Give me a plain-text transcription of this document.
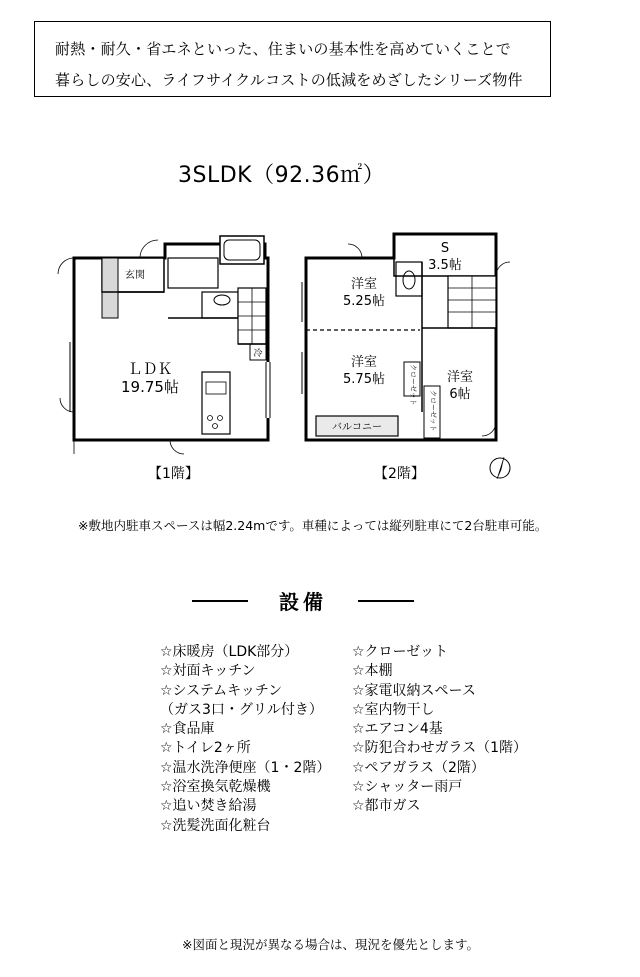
耐熱・耐久・省エネといった、住まいの基本性を高めていくことで
暮らしの安心、ライフサイクルコストの低減をめざしたシリーズ物件
3SLDK（92.36㎡）
玄関
冷
ＬＤＫ
19.75帖
S
3.5帖
洋室
5.25帖
洋室
5.75帖	洋室
6帖
クローゼット
クローゼット
バルコニー
【1階】	【2階】
※敷地内駐車スペースは幅2.24mです。車種によっては縦列駐車にて2台駐車可能。
設備
☆床暖房（LDK部分）
☆対面キッチン
☆システムキッチン
（ガス3口・グリル付き）
☆食品庫
☆トイレ2ヶ所
☆温水洗浄便座（1・2階）
☆浴室換気乾燥機
☆追い焚き給湯
☆洗髪洗面化粧台
☆クローゼット
☆本棚
☆家電収納スペース
☆室内物干し
☆エアコン4基
☆防犯合わせガラス（1階）
☆ペアガラス（2階）
☆シャッター雨戸
☆都市ガス
※図面と現況が異なる場合は、現況を優先とします。
